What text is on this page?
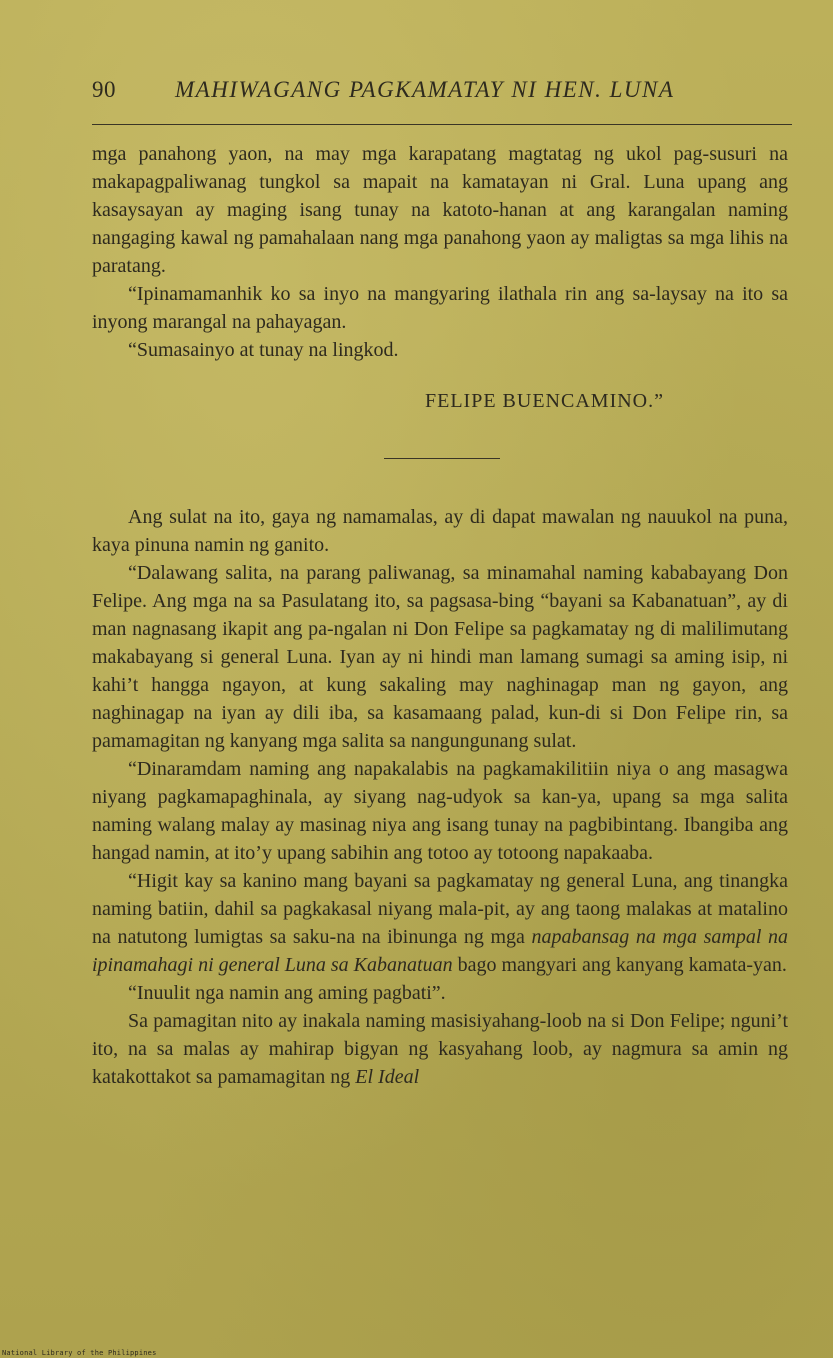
90	MAHIWAGANG PAGKAMATAY NI HEN. LUNA

mga panahong yaon, na may mga karapatang magtatag ng ukol pag-susuri na makapagpaliwanag tungkol sa mapait na kamatayan ni Gral. Luna upang ang kasaysayan ay maging isang tunay na katoto-hanan at ang karangalan naming nangaging kawal ng pamahalaan nang mga panahong yaon ay maligtas sa mga lihis na paratang.

“Ipinamamanhik ko sa inyo na mangyaring ilathala rin ang sa-laysay na ito sa inyong marangal na pahayagan.

“Sumasainyo at tunay na lingkod.

FELIPE BUENCAMINO.”

Ang sulat na ito, gaya ng namamalas, ay di dapat mawalan ng nauukol na puna, kaya pinuna namin ng ganito.

“Dalawang salita, na parang paliwanag, sa minamahal naming kababayang Don Felipe. Ang mga na sa Pasulatang ito, sa pagsasa-bing “bayani sa Kabanatuan”, ay di man nagnasang ikapit ang pa-ngalan ni Don Felipe sa pagkamatay ng di malilimutang makabayang si general Luna. Iyan ay ni hindi man lamang sumagi sa aming isip, ni kahi’t hangga ngayon, at kung sakaling may naghinagap man ng gayon, ang naghinagap na iyan ay dili iba, sa kasamaang palad, kun-di si Don Felipe rin, sa pamamagitan ng kanyang mga salita sa nangungunang sulat.

“Dinaramdam naming ang napakalabis na pagkamakilitiin niya o ang masagwa niyang pagkamapaghinala, ay siyang nag-udyok sa kan-ya, upang sa mga salita naming walang malay ay masinag niya ang isang tunay na pagbibintang. Ibangiba ang hangad namin, at ito’y upang sabihin ang totoo ay totoong napakaaba.

“Higit kay sa kanino mang bayani sa pagkamatay ng general Luna, ang tinangka naming batiin, dahil sa pagkakasal niyang mala-pit, ay ang taong malakas at matalino na natutong lumigtas sa saku-na na ibinunga ng mga napabansag na mga sampal na ipinamahagi ni general Luna sa Kabanatuan bago mangyari ang kanyang kamata-yan.

“Inuulit nga namin ang aming pagbati”.

Sa pamagitan nito ay inakala naming masisiyahang-loob na si Don Felipe; nguni’t ito, na sa malas ay mahirap bigyan ng kasyahang loob, ay nagmura sa amin ng katakottakot sa pamamagitan ng El Ideal

National Library of the Philippines
